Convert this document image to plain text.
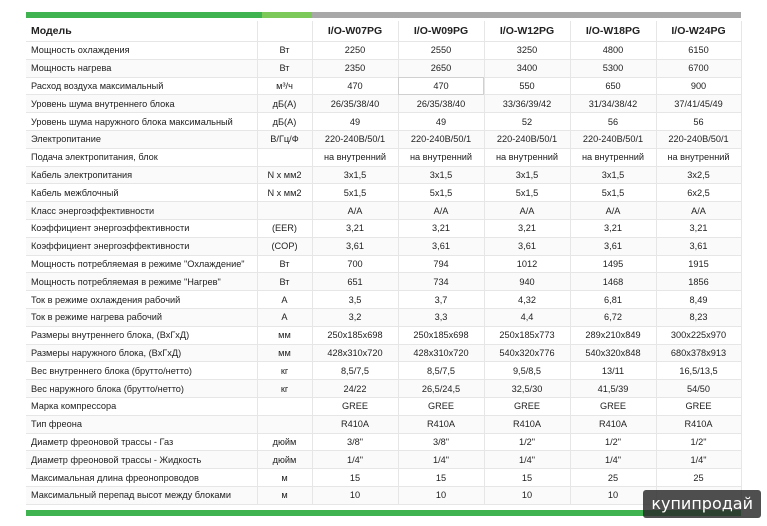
Модель		I/O-W07PG	I/O-W09PG	I/O-W12PG	I/O-W18PG	I/O-W24PG
Мощность охлаждения	Вт	2250	2550	3250	4800	6150
Мощность нагрева	Вт	2350	2650	3400	5300	6700
Расход воздуха максимальный	м³/ч	470	470	550	650	900
Уровень шума внутреннего блока	дБ(А)	26/35/38/40	26/35/38/40	33/36/39/42	31/34/38/42	37/41/45/49
Уровень шума наружного блока максимальный	дБ(А)	49	49	52	56	56
Электропитание	В/Гц/Ф	220-240В/50/1	220-240В/50/1	220-240В/50/1	220-240В/50/1	220-240В/50/1
Подача электропитания, блок		на внутренний	на внутренний	на внутренний	на внутренний	на внутренний
Кабель электропитания	N x мм2	3x1,5	3x1,5	3x1,5	3x1,5	3x2,5
Кабель межблочный	N x мм2	5x1,5	5x1,5	5x1,5	5x1,5	6x2,5
Класс энергоэффективности		A/A	A/A	A/A	A/A	A/A
Коэффициент энергоэффективности	(EER)	3,21	3,21	3,21	3,21	3,21
Коэффициент энергоэффективности	(COP)	3,61	3,61	3,61	3,61	3,61
Мощность потребляемая в режиме "Охлаждение"	Вт	700	794	1012	1495	1915
Мощность потребляемая в режиме "Нагрев"	Вт	651	734	940	1468	1856
Ток в режиме охлаждения рабочий	A	3,5	3,7	4,32	6,81	8,49
Ток в режиме нагрева рабочий	A	3,2	3,3	4,4	6,72	8,23
Размеры внутреннего блока, (ВхГхД)	мм	250x185x698	250x185x698	250x185x773	289x210x849	300x225x970
Размеры наружного блока, (ВхГхД)	мм	428x310x720	428x310x720	540x320x776	540x320x848	680x378x913
Вес внутреннего блока (брутто/нетто)	кг	8,5/7,5	8,5/7,5	9,5/8,5	13/11	16,5/13,5
Вес наружного блока (брутто/нетто)	кг	24/22	26,5/24,5	32,5/30	41,5/39	54/50
Марка компрессора		GREE	GREE	GREE	GREE	GREE
Тип фреона		R410A	R410A	R410A	R410A	R410A
Диаметр фреоновой трассы - Газ	дюйм	3/8"	3/8"	1/2"	1/2"	1/2"
Диаметр фреоновой трассы - Жидкость	дюйм	1/4"	1/4"	1/4"	1/4"	1/4"
Максимальная длина фреонопроводов	м	15	15	15	25	25
Максимальный перепад высот между блоками	м	10	10	10	10		купипродай
